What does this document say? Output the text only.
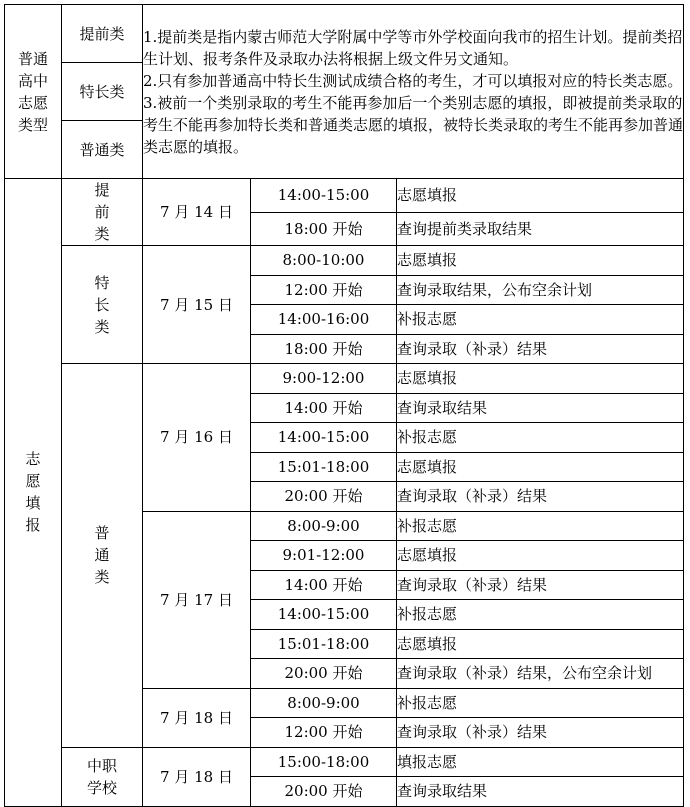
普通
高中
志愿
类型	提前类	1.提前类是指内蒙古师范大学附属中学等市外学校面向我市的招生计划。提前类招生计划、报考条件及录取办法将根据上级文件另文通知。
2.只有参加普通高中特长生测试成绩合格的考生，才可以填报对应的特长类志愿。
3.被前一个类别录取的考生不能再参加后一个类别志愿的填报，即被提前类录取的考生不能再参加特长类和普通类志愿的填报，被特长类录取的考生不能再参加普通类志愿的填报。		
	特长类			
	普通类			
志
愿
填
报	提
前
类	7 月 14 日	14:00-15:00	志愿填报
			18:00 开始	查询提前类录取结果
	特
长
类	7 月 15 日	8:00-10:00	志愿填报
			12:00 开始	查询录取结果，公布空余计划
			14:00-16:00	补报志愿
			18:00 开始	查询录取（补录）结果
	普
通
类	7 月 16 日	9:00-12:00	志愿填报
			14:00 开始	查询录取结果
			14:00-15:00	补报志愿
			15:01-18:00	志愿填报
			20:00 开始	查询录取（补录）结果
		7 月 17 日	8:00-9:00	补报志愿
			9:01-12:00	志愿填报
			14:00 开始	查询录取（补录）结果
			14:00-15:00	补报志愿
			15:01-18:00	志愿填报
			20:00 开始	查询录取（补录）结果，公布空余计划
		7 月 18 日	8:00-9:00	补报志愿
			12:00 开始	查询录取（补录）结果
	中职
学校	7 月 18 日	15:00-18:00	填报志愿
			20:00 开始	查询录取结果
